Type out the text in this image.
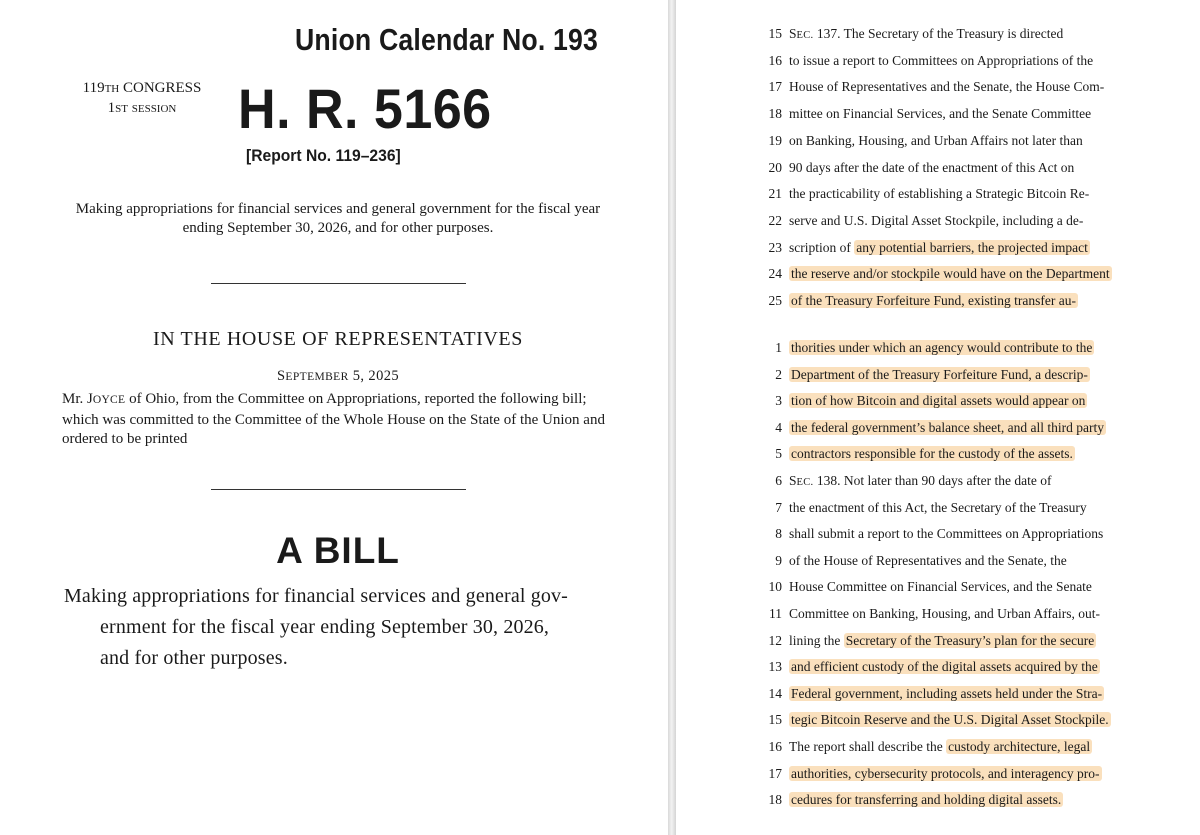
Union Calendar No. 193
119TH CONGRESS
1ST SESSION	H. R. 5166
[Report No. 119–236]
Making appropriations for financial services and general government for the fiscal year ending September 30, 2026, and for other purposes.
IN THE HOUSE OF REPRESENTATIVES
SEPTEMBER 5, 2025
Mr. JOYCE of Ohio, from the Committee on Appropriations, reported the following bill; which was committed to the Committee of the Whole House on the State of the Union and ordered to be printed
A BILL
Making appropriations for financial services and general gov-
ernment for the fiscal year ending September 30, 2026,
and for other purposes.
15 SEC. 137. The Secretary of the Treasury is directed
16 to issue a report to Committees on Appropriations of the
17 House of Representatives and the Senate, the House Com-
18 mittee on Financial Services, and the Senate Committee
19 on Banking, Housing, and Urban Affairs not later than
20 90 days after the date of the enactment of this Act on
21 the practicability of establishing a Strategic Bitcoin Re-
22 serve and U.S. Digital Asset Stockpile, including a de-
23 scription of any potential barriers, the projected impact
24 the reserve and/or stockpile would have on the Department
25 of the Treasury Forfeiture Fund, existing transfer au-
1 thorities under which an agency would contribute to the
2 Department of the Treasury Forfeiture Fund, a descrip-
3 tion of how Bitcoin and digital assets would appear on
4 the federal government’s balance sheet, and all third party
5 contractors responsible for the custody of the assets.
6 SEC. 138. Not later than 90 days after the date of
7 the enactment of this Act, the Secretary of the Treasury
8 shall submit a report to the Committees on Appropriations
9 of the House of Representatives and the Senate, the
10 House Committee on Financial Services, and the Senate
11 Committee on Banking, Housing, and Urban Affairs, out-
12 lining the Secretary of the Treasury’s plan for the secure
13 and efficient custody of the digital assets acquired by the
14 Federal government, including assets held under the Stra-
15 tegic Bitcoin Reserve and the U.S. Digital Asset Stockpile.
16 The report shall describe the custody architecture, legal
17 authorities, cybersecurity protocols, and interagency pro-
18 cedures for transferring and holding digital assets.
